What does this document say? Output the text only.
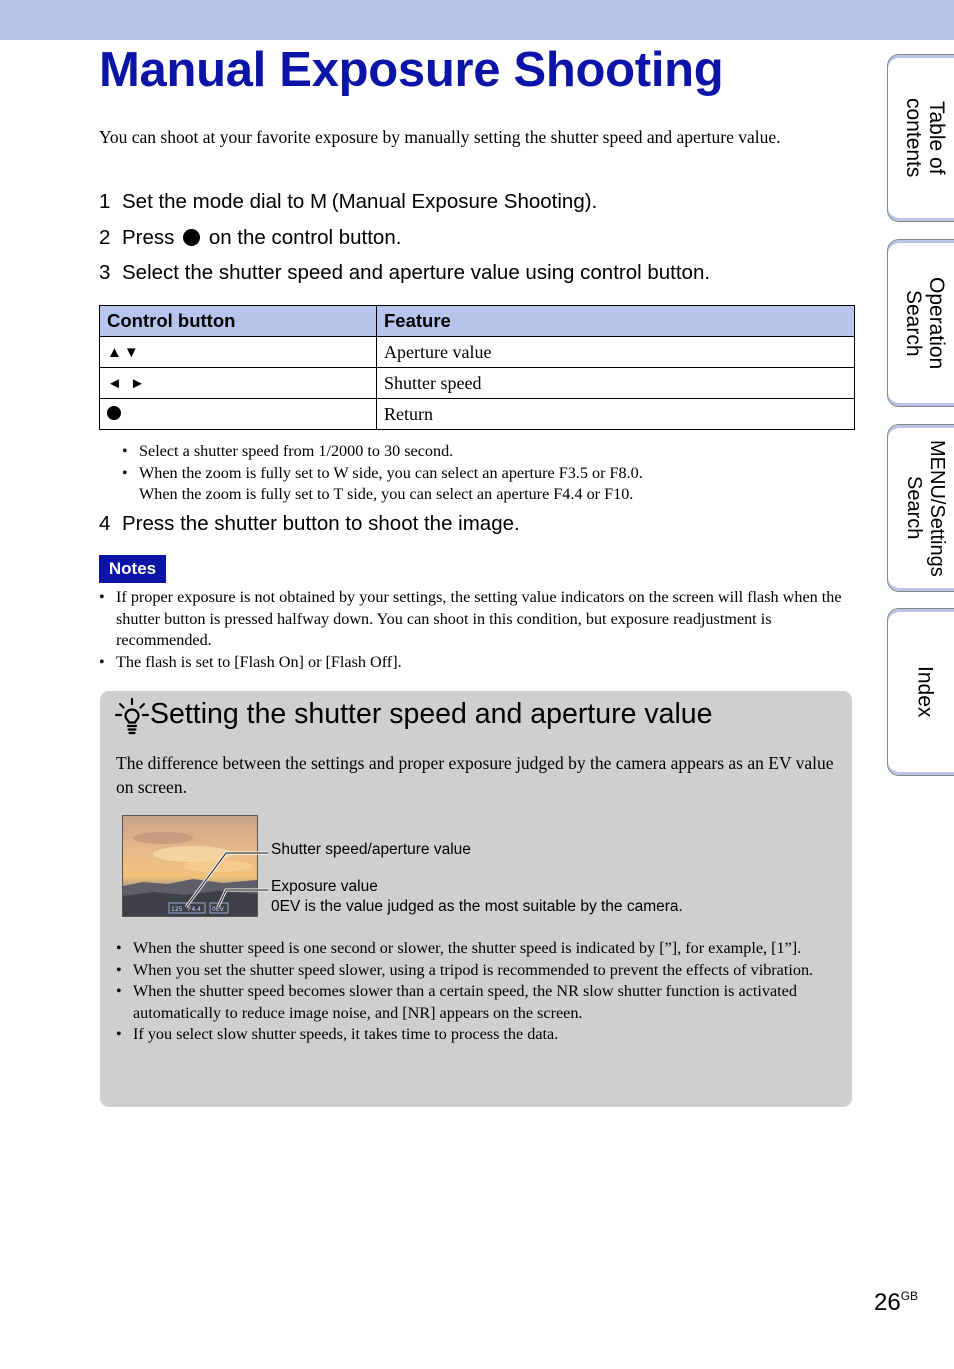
Manual Exposure Shooting

You can shoot at your favorite exposure by manually setting the shutter speed and aperture value.

1 Set the mode dial to M (Manual Exposure Shooting).
2 Press on the control button.
3 Select the shutter speed and aperture value using control button.
Control button	Feature
▲▼	Aperture value
◄ ►	Shutter speed
	Return
• Select a shutter speed from 1/2000 to 30 second.
• When the zoom is fully set to W side, you can select an aperture F3.5 or F8.0.
When the zoom is fully set to T side, you can select an aperture F4.4 or F10.
4 Press the shutter button to shoot the image.
Notes
• If proper exposure is not obtained by your settings, the setting value indicators on the screen will flash when the shutter button is pressed halfway down. You can shoot in this condition, but exposure readjustment is recommended.
• The flash is set to [Flash On] or [Flash Off].
Setting the shutter speed and aperture value

The difference between the settings and proper exposure judged by the camera appears as an EV value on screen.

125 F4.4 0EV
Shutter speed/aperture value
Exposure value
0EV is the value judged as the most suitable by the camera.
• When the shutter speed is one second or slower, the shutter speed is indicated by [”], for example, [1”].
• When you set the shutter speed slower, using a tripod is recommended to prevent the effects of vibration.
• When the shutter speed becomes slower than a certain speed, the NR slow shutter function is activated automatically to reduce image noise, and [NR] appears on the screen.
• If you select slow shutter speeds, it takes time to process the data.
Table of
contents
Operation
Search
MENU/Settings
Search
Index
$26^{GB}$
